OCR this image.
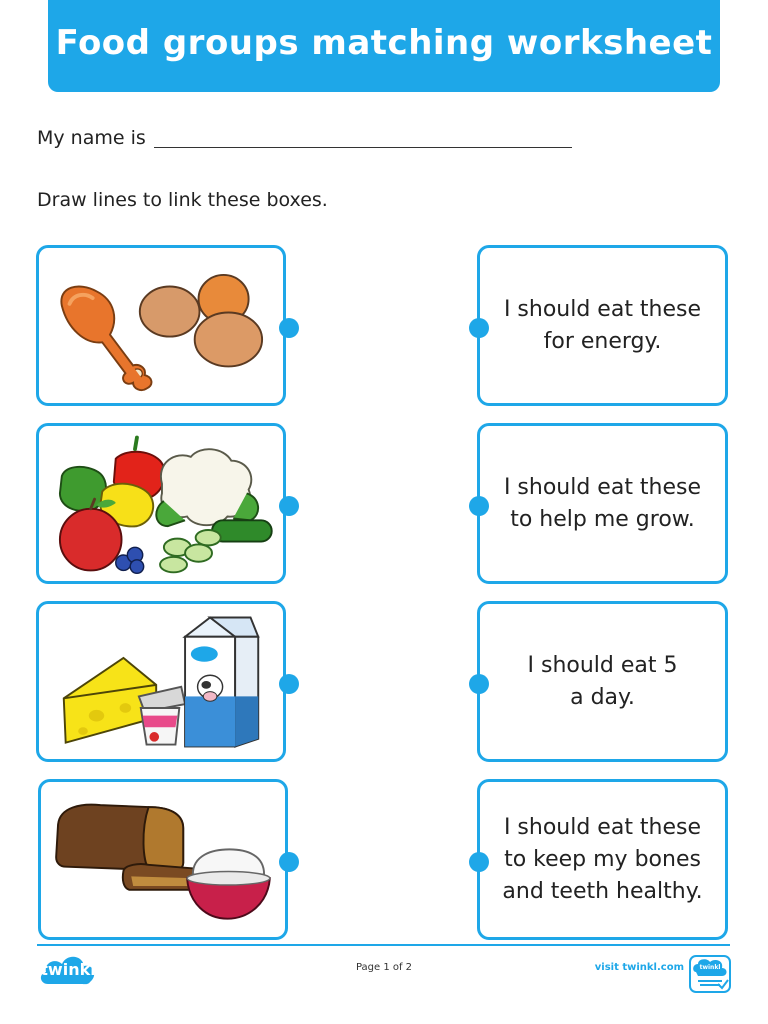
Food groups matching worksheet
My name is
Draw lines to link these boxes.
I should eat these for energy.
I should eat these to help me grow.
I should eat 5 a day.
I should eat these to keep my bones and teeth healthy.
twinkl	Page 1 of 2	visit twinkl.com	twinkl
